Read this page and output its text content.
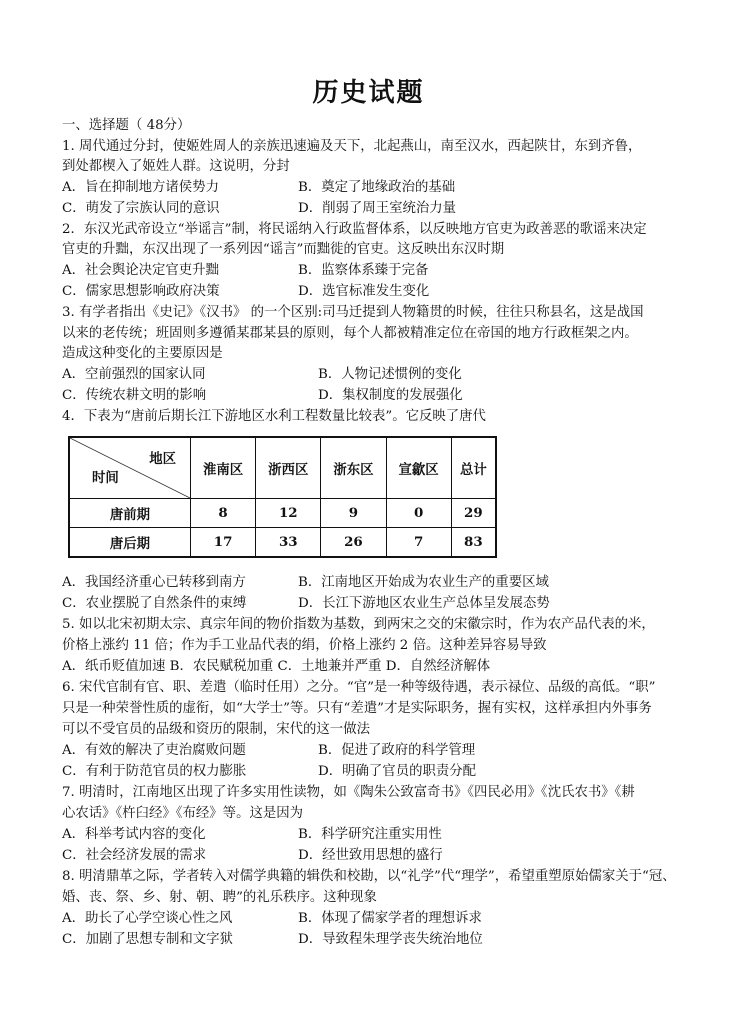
历史试题
一、选择题（ 48分）
1. 周代通过分封，使姬姓周人的亲族迅速遍及天下，北起燕山，南至汉水，西起陕甘，东到齐鲁，
到处都楔入了姬姓人群。这说明，分封
A．旨在抑制地方诸侯势力	B．奠定了地缘政治的基础
C．萌发了宗族认同的意识	D．削弱了周王室统治力量
2．东汉光武帝设立“举谣言”制，将民谣纳入行政监督体系，以反映地方官吏为政善恶的歌谣来决定
官吏的升黜，东汉出现了一系列因“谣言”而黜徙的官吏。这反映出东汉时期
A．社会舆论决定官吏升黜	B．监察体系臻于完备
C．儒家思想影响政府决策	D．选官标准发生变化
3. 有学者指出《史记》《汉书》 的一个区别:司马迁提到人物籍贯的时候，往往只称县名，这是战国
以来的老传统；班固则多遵循某郡某县的原则，每个人都被精准定位在帝国的地方行政框架之内。
造成这种变化的主要原因是
A．空前强烈的国家认同	B．人物记述惯例的变化
C．传统农耕文明的影响	D．集权制度的发展强化
4．下表为“唐前后期长江下游地区水利工程数量比较表”。它反映了唐代
地区
时间	淮南区	浙西区	浙东区	宣歙区	总计
唐前期	8	12	9	0	29
唐后期	17	33	26	7	83
A．我国经济重心已转移到南方	B．江南地区开始成为农业生产的重要区域
C．农业摆脱了自然条件的束缚	D．长江下游地区农业生产总体呈发展态势
5. 如以北宋初期太宗、真宗年间的物价指数为基数，到两宋之交的宋徽宗时，作为农产品代表的米，
价格上涨约 11 倍；作为手工业品代表的绢，价格上涨约 2 倍。这种差异容易导致
A．纸币贬值加速 B．农民赋税加重 C．土地兼并严重 D．自然经济解体
6. 宋代官制有官、职、差遣（临时任用）之分。“官”是一种等级待遇，表示禄位、品级的高低。“职”
只是一种荣誉性质的虚衔，如“大学士”等。只有“差遣”才是实际职务，握有实权，这样承担内外事务
可以不受官员的品级和资历的限制，宋代的这一做法
A．有效的解决了吏治腐败问题	B．促进了政府的科学管理
C．有利于防范官员的权力膨胀	D．明确了官员的职责分配
7. 明清时，江南地区出现了许多实用性读物，如《陶朱公致富奇书》《四民必用》《沈氏农书》《耕
心农话》《杵臼经》《布经》等。这是因为
A．科举考试内容的变化	B．科学研究注重实用性
C．社会经济发展的需求	D．经世致用思想的盛行
8. 明清鼎革之际，学者转入对儒学典籍的辑佚和校勘，以“礼学”代“理学”，希望重塑原始儒家关于“冠、
婚、丧、祭、乡、射、朝、聘”的礼乐秩序。这种现象
A．助长了心学空谈心性之风	B．体现了儒家学者的理想诉求
C．加剧了思想专制和文字狱	D．导致程朱理学丧失统治地位
